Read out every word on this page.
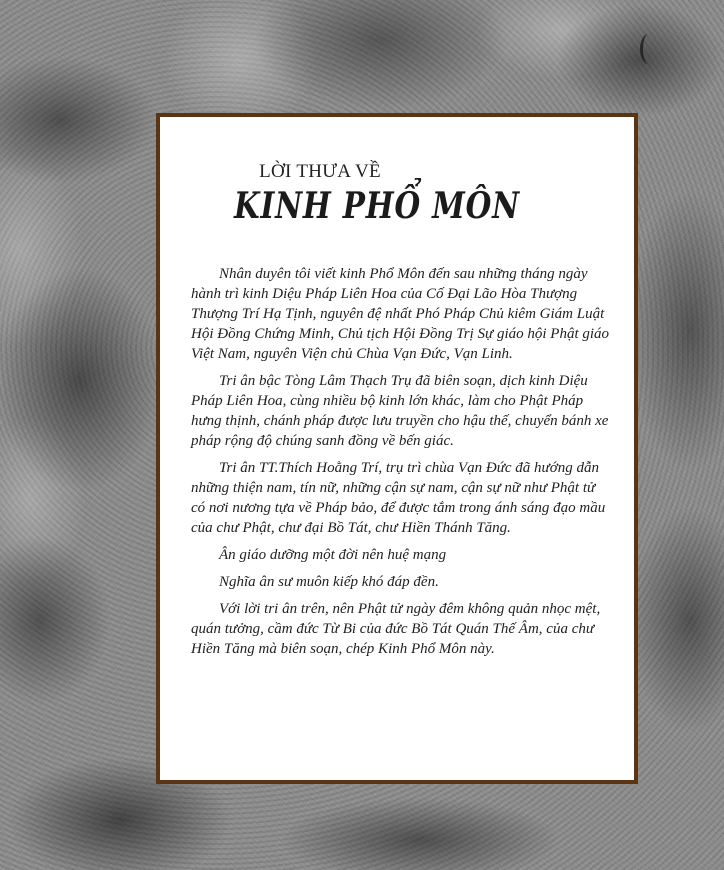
LỜI THƯA VỀ
KINH PHỔ MÔN

Nhân duyên tôi viết kinh Phổ Môn đến sau những tháng ngày hành trì kinh Diệu Pháp Liên Hoa của Cố Đại Lão Hòa Thượng Thượng Trí Hạ Tịnh, nguyên đệ nhất Phó Pháp Chủ kiêm Giám Luật Hội Đồng Chứng Minh, Chủ tịch Hội Đồng Trị Sự giáo hội Phật giáo Việt Nam, nguyên Viện chủ Chùa Vạn Đức, Vạn Linh.

Tri ân bậc Tòng Lâm Thạch Trụ đã biên soạn, dịch kinh Diệu Pháp Liên Hoa, cùng nhiều bộ kinh lớn khác, làm cho Phật Pháp hưng thịnh, chánh pháp được lưu truyền cho hậu thế, chuyển bánh xe pháp rộng độ chúng sanh đồng về bến giác.

Tri ân TT.Thích Hoằng Trí, trụ trì chùa Vạn Đức đã hướng dẫn những thiện nam, tín nữ, những cận sự nam, cận sự nữ như Phật tử có nơi nương tựa về Pháp bảo, để được tắm trong ánh sáng đạo mầu của chư Phật, chư đại Bồ Tát, chư Hiền Thánh Tăng.

Ân giáo dưỡng một đời nên huệ mạng

Nghĩa ân sư muôn kiếp khó đáp đền.

Với lời tri ân trên, nên Phật tử ngày đêm không quản nhọc mệt, quán tưởng, cầm đức Từ Bi của đức Bồ Tát Quán Thế Âm, của chư Hiền Tăng mà biên soạn, chép Kinh Phổ Môn này.
